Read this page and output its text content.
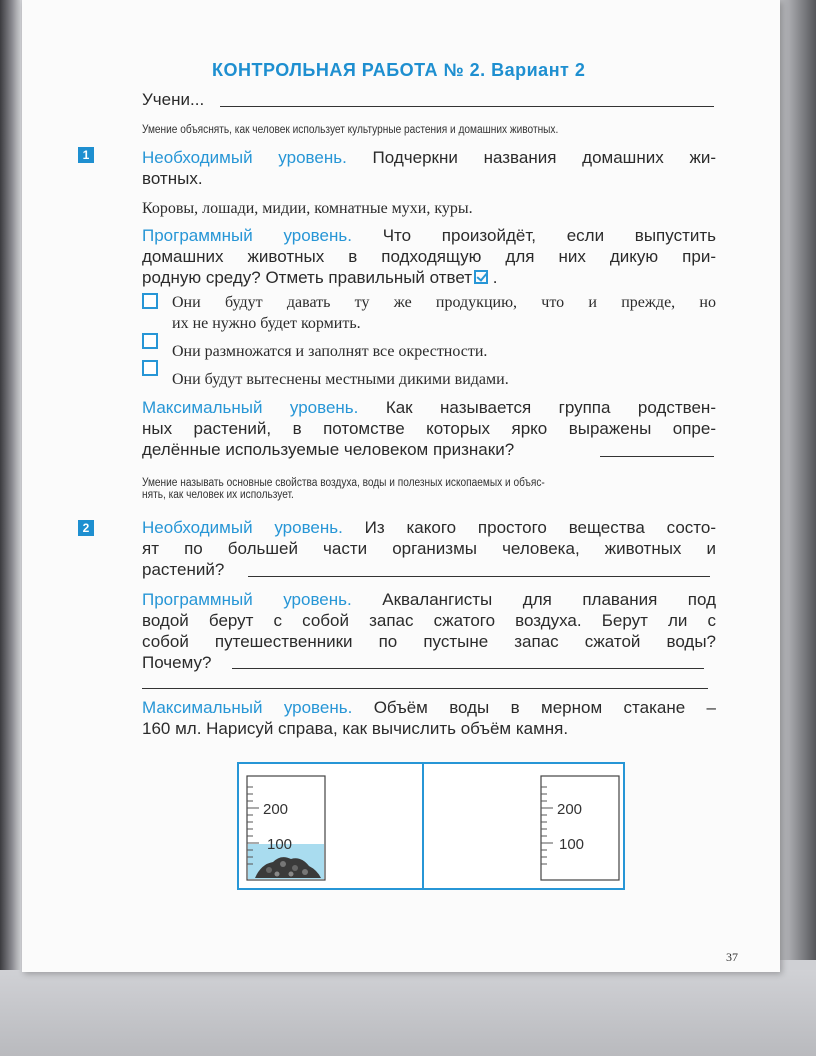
КОНТРОЛЬНАЯ РАБОТА № 2. Вариант 2
Учени...
Умение объяснять, как человек использует культурные растения и домашних животных.
1	Необходимый уровень. Подчеркни названия домашних жи-
вотных.
Коровы, лошади, мидии, комнатные мухи, куры.
Программный уровень. Что произойдёт, если выпустить
домашних животных в подходящую для них дикую при-
родную среду? Отметь правильный ответ .
Они будут давать ту же продукцию, что и прежде, но
их не нужно будет кормить.
Они размножатся и заполнят все окрестности.
Они будут вытеснены местными дикими видами.
Максимальный уровень. Как называется группа родствен-
ных растений, в потомстве которых ярко выражены опре-
делённые используемые человеком признаки?
Умение называть основные свойства воздуха, воды и полезных ископаемых и объяс-
нять, как человек их использует.
2	Необходимый уровень. Из какого простого вещества состо-
ят по большей части организмы человека, животных и
растений?
Программный уровень. Аквалангисты для плавания под
водой берут с собой запас сжатого воздуха. Берут ли с
собой путешественники по пустыне запас сжатой воды?
Почему?
Максимальный уровень. Объём воды в мерном стакане –
160 мл. Нарисуй справа, как вычислить объём камня.
200
100
200
100
37
